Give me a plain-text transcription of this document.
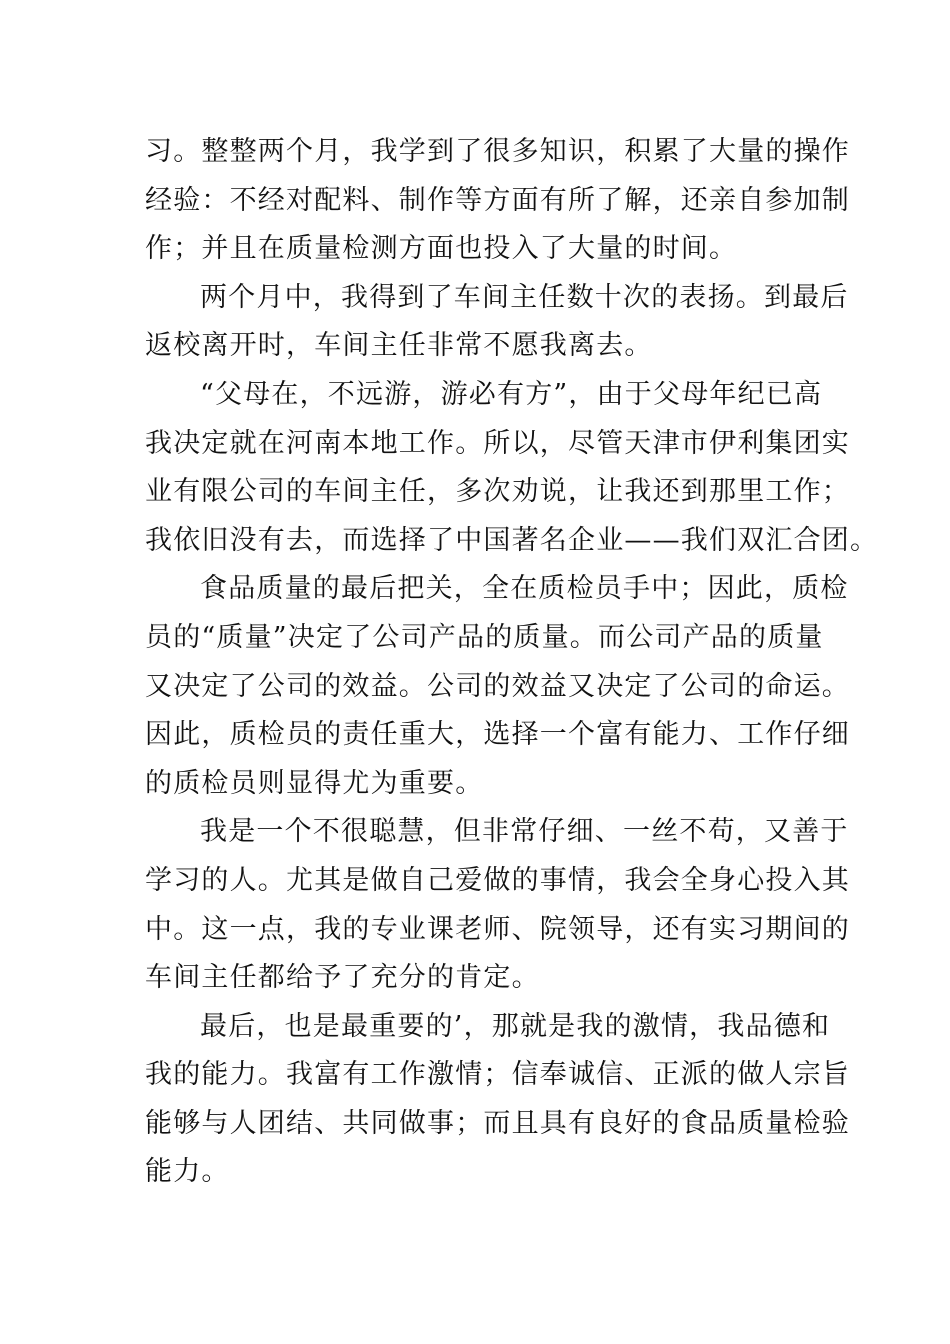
习。整整两个月，我学到了很多知识，积累了大量的操作
经验：不经对配料、制作等方面有所了解，还亲自参加制
作；并且在质量检测方面也投入了大量的时间。

两个月中，我得到了车间主任数十次的表扬。到最后
返校离开时，车间主任非常不愿我离去。

“父母在，不远游，游必有方”，由于父母年纪已高
我决定就在河南本地工作。所以，尽管天津市伊利集团实
业有限公司的车间主任，多次劝说，让我还到那里工作；
我依旧没有去，而选择了中国著名企业——我们双汇合团。

食品质量的最后把关，全在质检员手中；因此，质检
员的“质量”决定了公司产品的质量。而公司产品的质量
又决定了公司的效益。公司的效益又决定了公司的命运。
因此，质检员的责任重大，选择一个富有能力、工作仔细
的质检员则显得尤为重要。

我是一个不很聪慧，但非常仔细、一丝不苟，又善于
学习的人。尤其是做自己爱做的事情，我会全身心投入其
中。这一点，我的专业课老师、院领导，还有实习期间的
车间主任都给予了充分的肯定。

最后，也是最重要的’，那就是我的激情，我品德和
我的能力。我富有工作激情；信奉诚信、正派的做人宗旨
能够与人团结、共同做事；而且具有良好的食品质量检验
能力。
